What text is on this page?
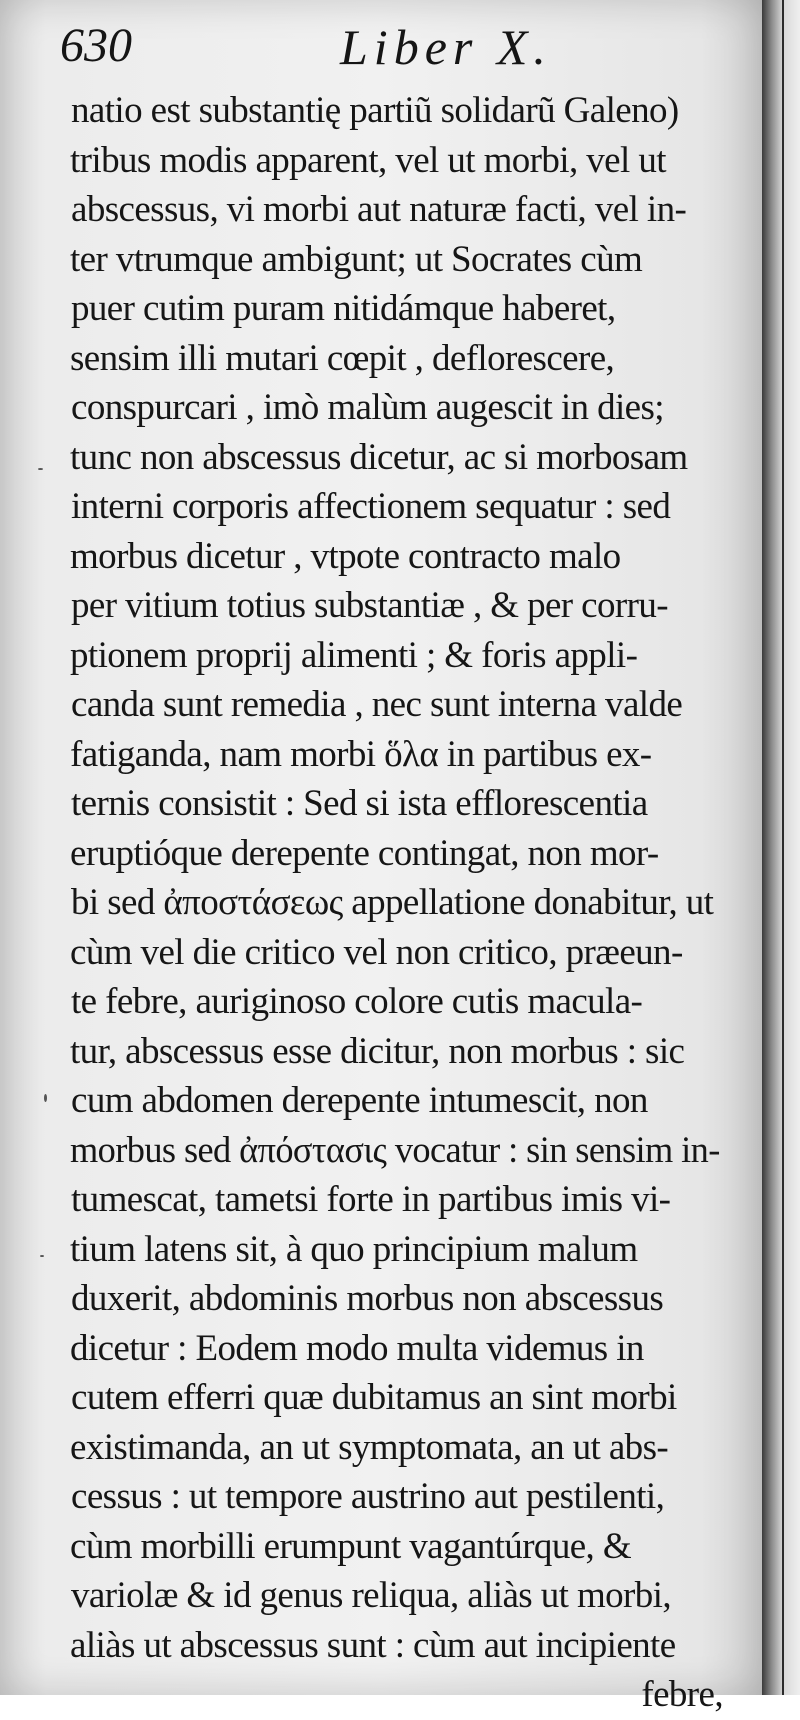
630	Liber X.
natio est substantię partiũ solidarũ Galeno)
tribus modis apparent, vel ut morbi, vel ut
abscessus, vi morbi aut naturæ facti, vel in-
ter vtrumque ambigunt; ut Socrates cùm
puer cutim puram nitidámque haberet,
sensim illi mutari cœpit , deflorescere,
conspurcari , imò malùm augescit in dies;
tunc non abscessus dicetur, ac si morbosam
interni corporis affectionem sequatur : sed
morbus dicetur , vtpote contracto malo
per vitium totius substantiæ , & per corru-
ptionem proprij alimenti ; & foris appli-
canda sunt remedia , nec sunt interna valde
fatiganda, nam morbi ὅλα in partibus ex-
ternis consistit : Sed si ista efflorescentia
eruptióque derepente contingat, non mor-
bi sed ἀποστάσεως appellatione donabitur, ut
cùm vel die critico vel non critico, præeun-
te febre, auriginoso colore cutis macula-
tur, abscessus esse dicitur, non morbus : sic
cum abdomen derepente intumescit, non
morbus sed ἀπόστασις vocatur : sin sensim in-
tumescat, tametsi forte in partibus imis vi-
tium latens sit, à quo principium malum
duxerit, abdominis morbus non abscessus
dicetur : Eodem modo multa videmus in
cutem efferri quæ dubitamus an sint morbi
existimanda, an ut symptomata, an ut abs-
cessus : ut tempore austrino aut pestilenti,
cùm morbilli erumpunt vagantúrque, &
variolæ & id genus reliqua, aliàs ut morbi,
aliàs ut abscessus sunt : cùm aut incipiente
febre,
